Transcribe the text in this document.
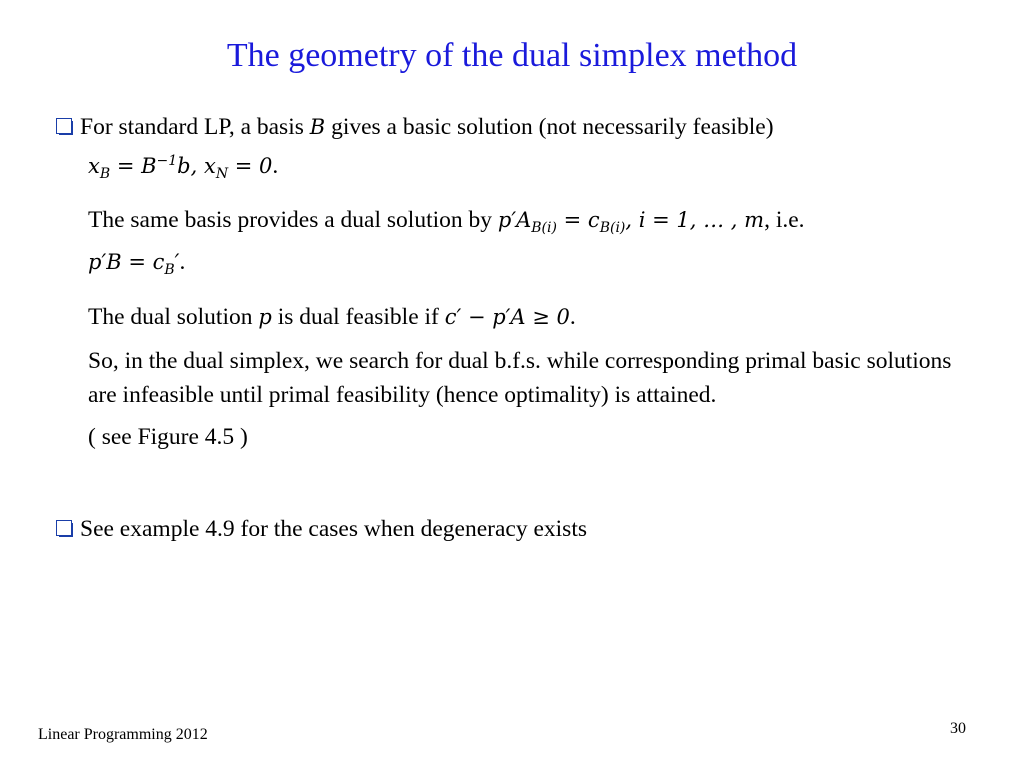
The geometry of the dual simplex method
For standard LP, a basis B gives a basic solution (not necessarily feasible)
$x_B = B^{-1}b$, $x_N = 0$.
The same basis provides a dual solution by $p'A_{B(i)} = c_{B(i)}$, i = 1, … , m, i.e.
$p'B = c_B'$.
The dual solution p is dual feasible if c′ − p′A ≥ 0.
So, in the dual simplex, we search for dual b.f.s. while corresponding primal basic solutions are infeasible until primal feasibility (hence optimality) is attained.
( see Figure 4.5 )
See example 4.9 for the cases when degeneracy exists
Linear Programming 2012	30
